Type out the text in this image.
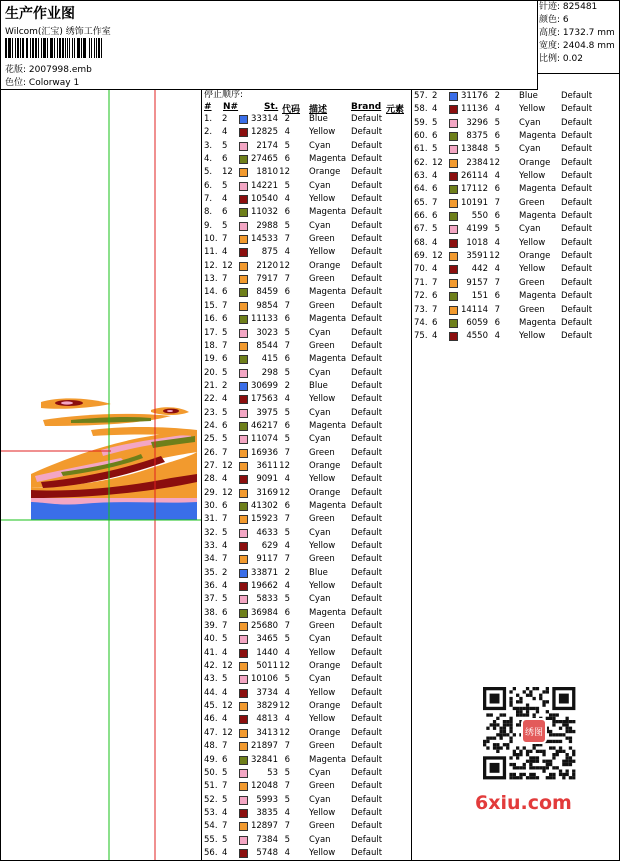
生产作业图
Wilcom(汇宝) 绣饰工作室
花版: 2007998.emb
色位: Colorway 1
针迹: 825481
颜色: 6
高度: 1732.7 mm
宽度: 2404.8 mm
比例: 0.02
停止顺序:
# N#	St. 代码 描述	Brand 元素
1. 2	33314 2 Blue	Default
2. 4	12825 4 Yellow Default
3. 5	2174 5 Cyan Default
4. 6	27465 6 Magenta Default
5. 12	1810 12 Orange Default
6. 5	14221 5 Cyan Default
7. 4	10540 4 Yellow Default
8. 6	11032 6 Magenta Default
9. 5	2988 5 Cyan Default
10. 7	14533 7 Green Default
11. 4	875 4 Yellow Default
12. 12	2120 12 Orange Default
13. 7	7917 7 Green Default
14. 6	8459 6 Magenta Default
15. 7	9854 7 Green Default
16. 6	11133 6 Magenta Default
17. 5	3023 5 Cyan Default
18. 7	8544 7 Green Default
19. 6	415 6 Magenta Default
20. 5	298 5 Cyan Default
21. 2	30699 2 Blue	Default
22. 4	17563 4 Yellow Default
23. 5	3975 5 Cyan Default
24. 6	46217 6 Magenta Default
25. 5	11074 5 Cyan Default
26. 7	16936 7 Green Default
27. 12	3611 12 Orange Default
28. 4	9091 4 Yellow Default
29. 12	3169 12 Orange Default
30. 6	41302 6 Magenta Default
31. 7	15923 7 Green Default
32. 5	4633 5 Cyan Default
33. 4	629 4 Yellow Default
34. 7	9117 7 Green Default
35. 2	33871 2 Blue	Default
36. 4	19662 4 Yellow Default
37. 5	5833 5 Cyan Default
38. 6	36984 6 Magenta Default
39. 7	25680 7 Green Default
40. 5	3465 5 Cyan Default
41. 4	1440 4 Yellow Default
42. 12	5011 12 Orange Default
43. 5	10106 5 Cyan Default
44. 4	3734 4 Yellow Default
45. 12	3829 12 Orange Default
46. 4	4813 4 Yellow Default
47. 12	3413 12 Orange Default
48. 7	21897 7 Green Default
49. 6	32841 6 Magenta Default
50. 5	53 5 Cyan Default
51. 7	12048 7 Green Default
52. 5	5993 5 Cyan Default
53. 4	3835 4 Yellow Default
54. 7	12897 7 Green Default
55. 5	7384 5 Cyan Default
56. 4	5748 4 Yellow Default
57. 2	31176 2 Blue	Default
58. 4	11136 4 Yellow Default
59. 5	3296 5 Cyan Default
60. 6	8375 6 Magenta Default
61. 5	13848 5 Cyan Default
62. 12	2384 12 Orange Default
63. 4	26114 4 Yellow Default
64. 6	17112 6 Magenta Default
65. 7	10191 7 Green Default
66. 6	550 6 Magenta Default
67. 5	4199 5 Cyan Default
68. 4	1018 4 Yellow Default
69. 12	3591 12 Orange Default
70. 4	442 4 Yellow Default
71. 7	9157 7 Green Default
72. 6	151 6 Magenta Default
73. 7	14114 7 Green Default
74. 6	6059 6 Magenta Default
75. 4	4550 4 Yellow Default
绣图
6xiu.com
